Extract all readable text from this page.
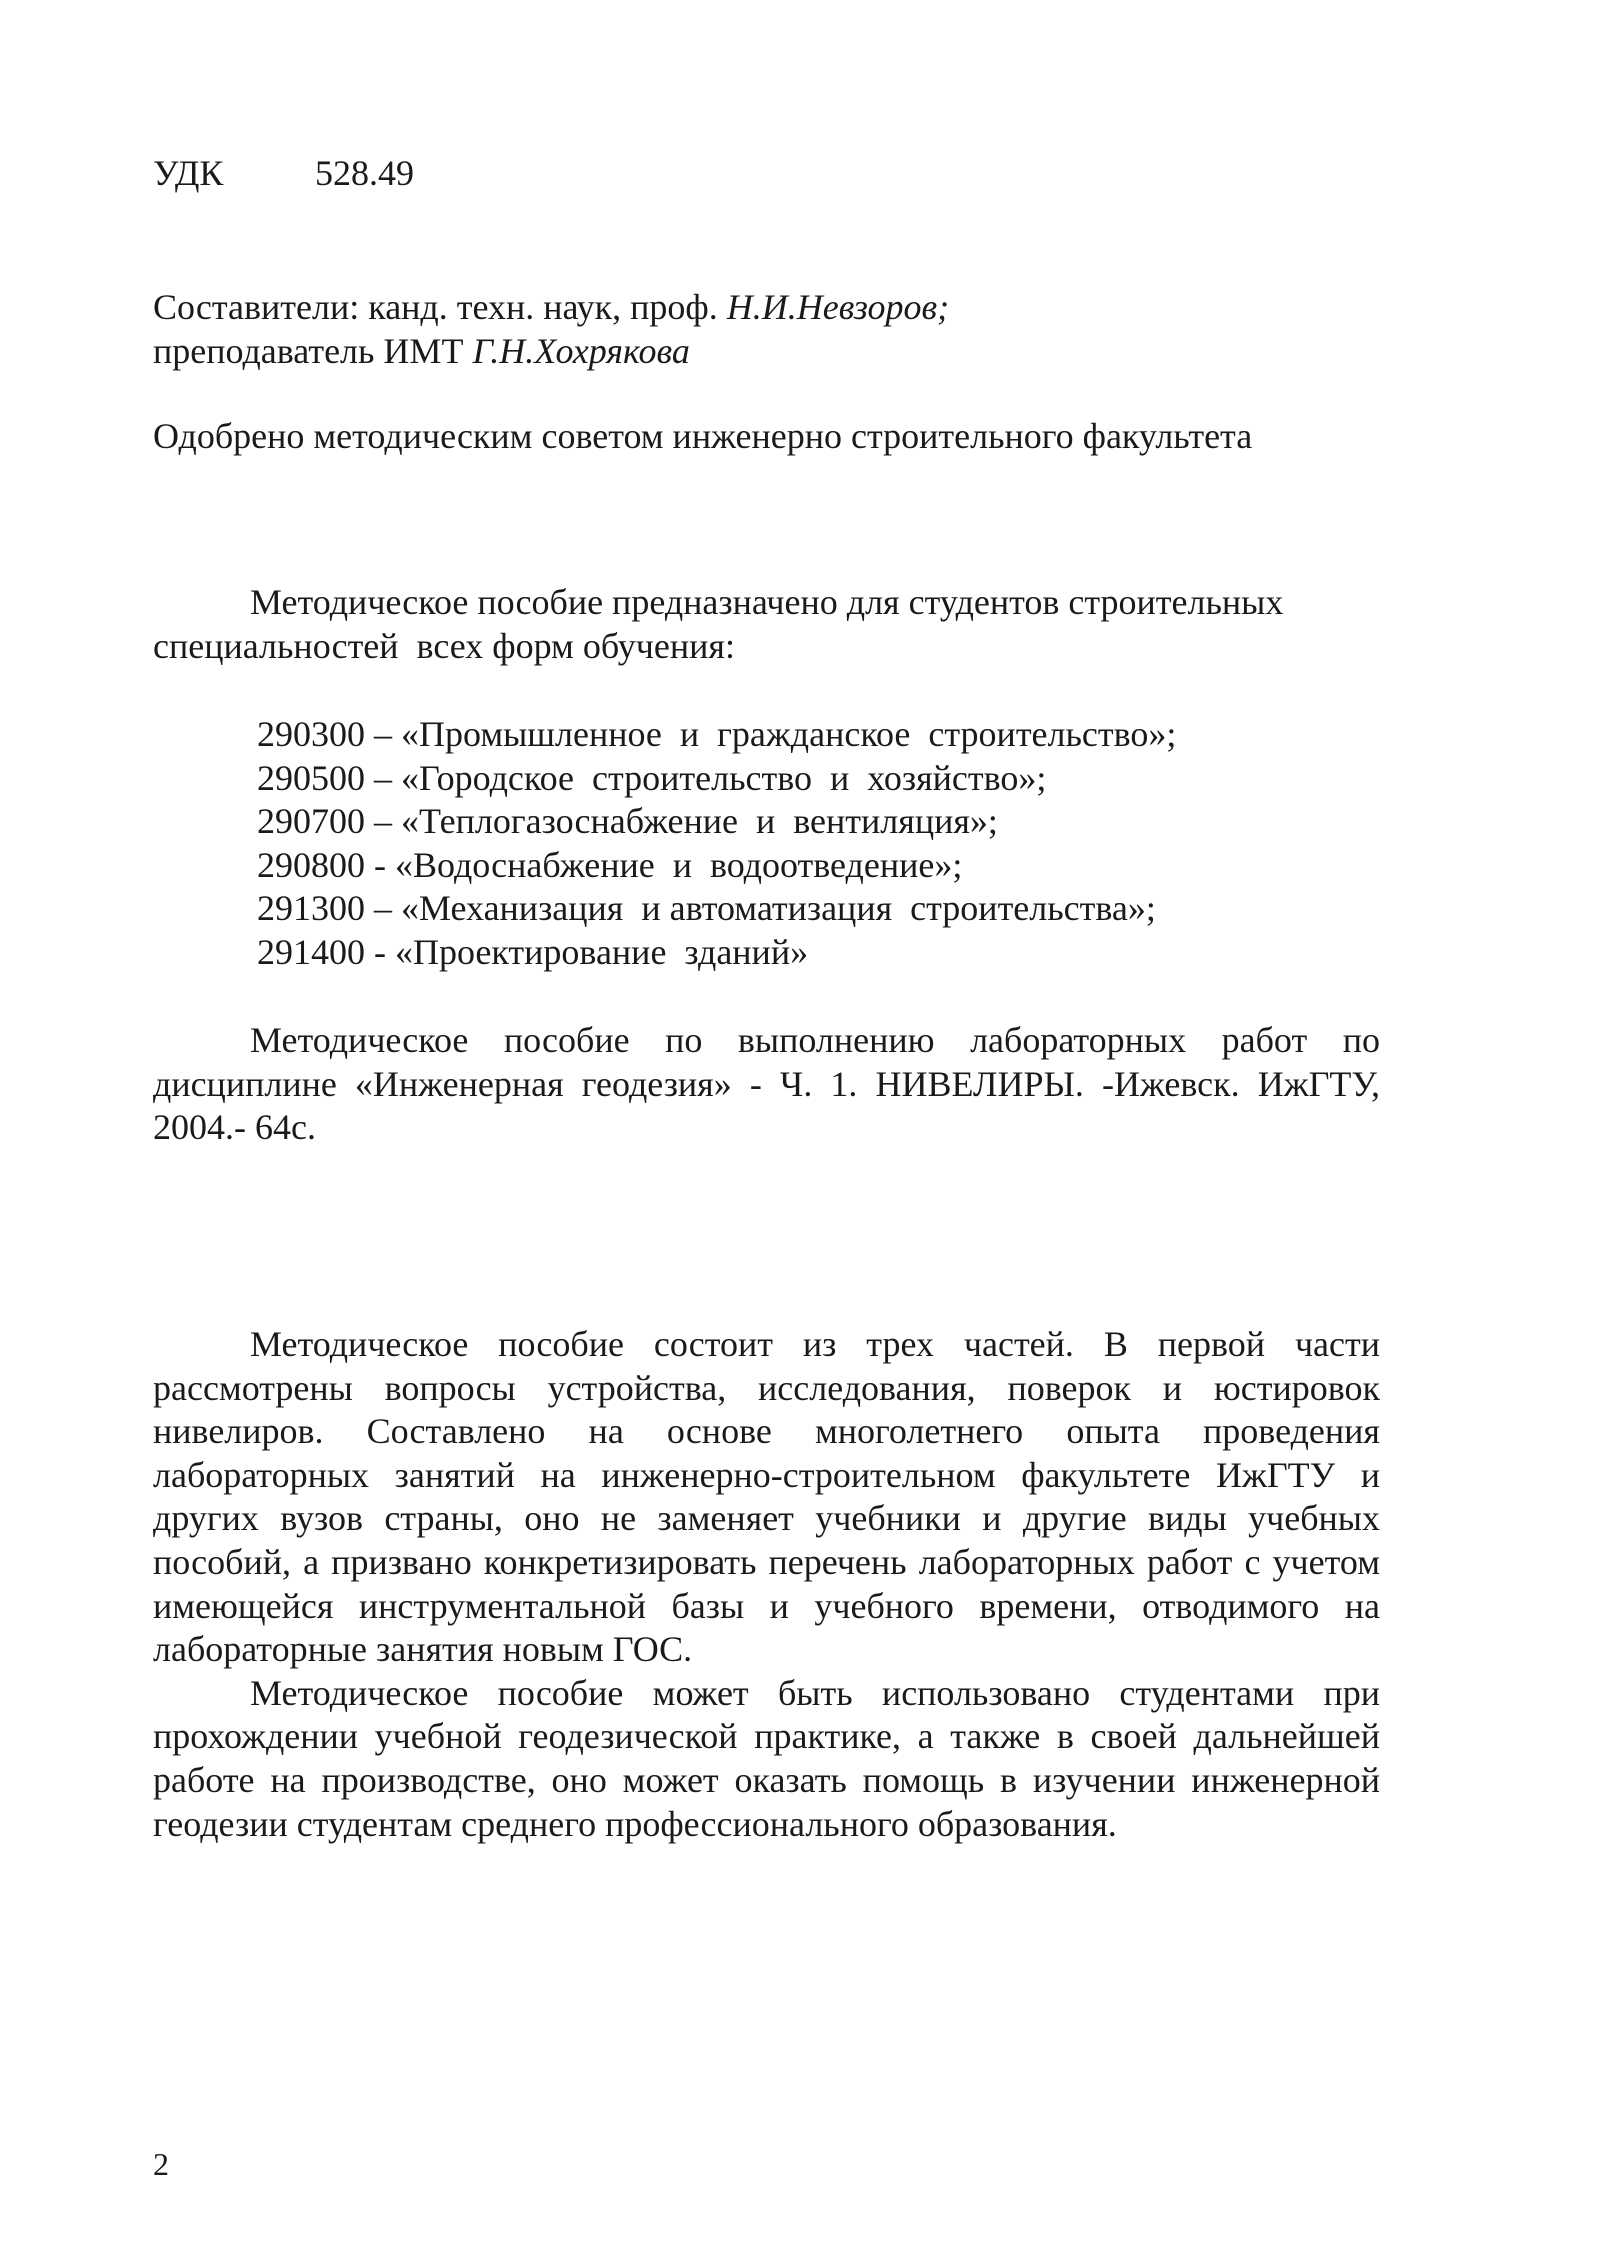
УДК	528.49
Составители: канд. техн. наук, проф. Н.И.Невзоров;
преподаватель ИМТ Г.Н.Хохрякова
Одобрено методическим советом инженерно строительного факультета
Методическое пособие предназначено для студентов строительных
специальностей  всех форм обучения:
290300 – «Промышленное  и  гражданское  строительство»;
290500 – «Городское  строительство  и  хозяйство»;
290700 – «Теплогазоснабжение  и  вентиляция»;
290800 - «Водоснабжение  и  водоотведение»;
291300 – «Механизация  и автоматизация  строительства»;
291400 - «Проектирование  зданий»

Методическое пособие по выполнению лабораторных работ по дисциплине «Инженерная геодезия» - Ч. 1. НИВЕЛИРЫ. -Ижевск. ИжГТУ, 2004.- 64с.

Методическое пособие состоит из трех частей. В первой части рассмотрены вопросы устройства, исследования, поверок и юстировок нивелиров. Составлено на основе многолетнего опыта проведения лабораторных занятий на инженерно-строительном факультете ИжГТУ и других вузов страны, оно не заменяет учебники и другие виды учебных пособий, а призвано конкретизировать перечень лабораторных работ с учетом имеющейся инструментальной базы и учебного времени, отводимого на лабораторные занятия новым ГОС.

Методическое пособие может быть использовано студентами при прохождении учебной геодезической практике, а также в своей дальнейшей работе на производстве, оно может оказать помощь в изучении инженерной геодезии студентам среднего профессионального образования.

2
